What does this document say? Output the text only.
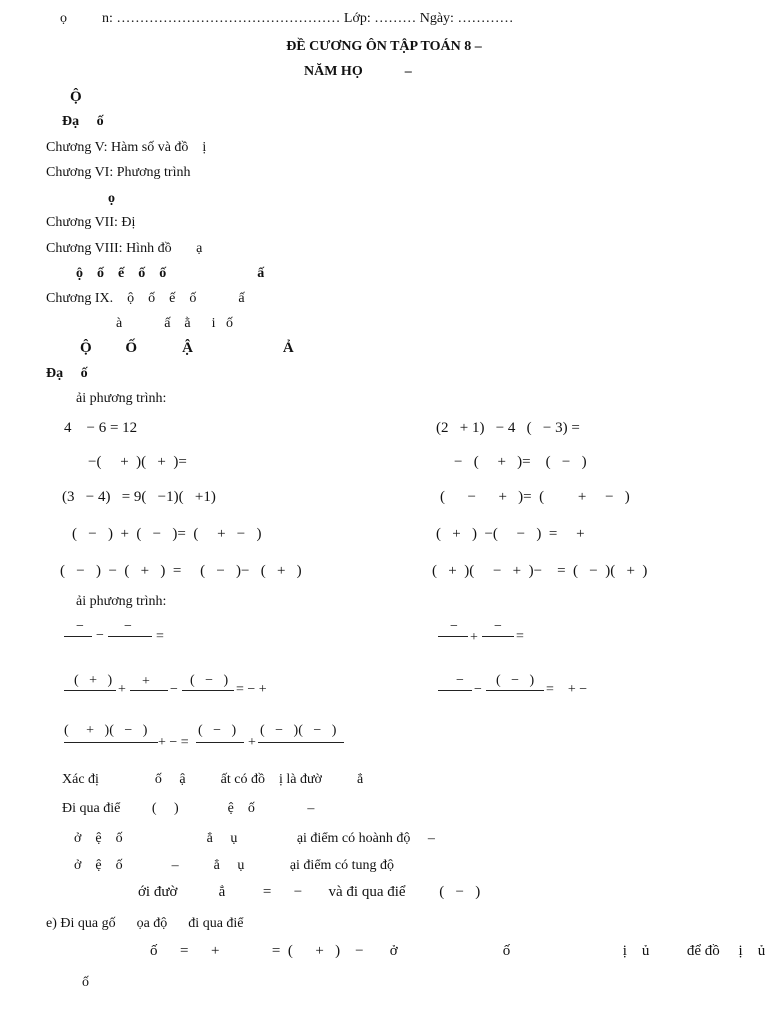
ọ          n: ………………………………………… Lớp: ……… Ngày: …………
ĐỀ CƯƠNG ÔN TẬP TOÁN 8 –
NĂM HỌ            –
Ộ
Đạ     ố
Chương V: Hàm số và đồ    ị
Chương VI: Phương trình
ọ
Chương VII: Đị
Chương VIII: Hình đồ       ạ
ộ    ố    ế    ố    ố                          ấ
Chương IX.    ộ    ố    ế    ố            ấ
à            ấ    ằ      i   ố
Ộ         Ố            Ậ                        Ả
Đạ     ố
ải phương trình:
4    − 6 = 12
−(     +  )(   +  )=
(3   − 4)   = 9(   −1)(   +1)
(   −   )  +  (   −   )=  (     +   −   )
(   −   )  −  (   +   )  =     (   −   )−   (   +   )
(2   + 1)   − 4   (   − 3) =
−   (     +   )=    (   −   )
(      −      +   )=  (         +     −   )
(   +   )  −(     −   )  =     +
(   +  )(     −   +  )−    =  (   −  )(   +  )
ải phương trình:
−
−
−
=
−
+
−
=
(   +   )
+
+
−
(   −   )
= − +
−
−
(   −   )
=    + −
(     +   )(   −   )
+ − =
(   −   )
+
(   −   )(   −   )
Xác đị                ố     ậ          ất có đồ    ị là đườ          ẳ
Đi qua điể         (     )              ệ    ố               –
ở    ệ    ố                        ẳ     ụ                 ại điểm có hoành độ     –
ở    ệ    ố              –          ẳ     ụ             ại điểm có tung độ
ới đườ           ẳ          =      −       và đi qua điể         (   −   )
e) Đi qua gố      ọa độ      đi qua điể
ố      =      +              =  (      +   )    −       ở                            ố                              ị    ủ          để đồ     ị    ủ
ố
